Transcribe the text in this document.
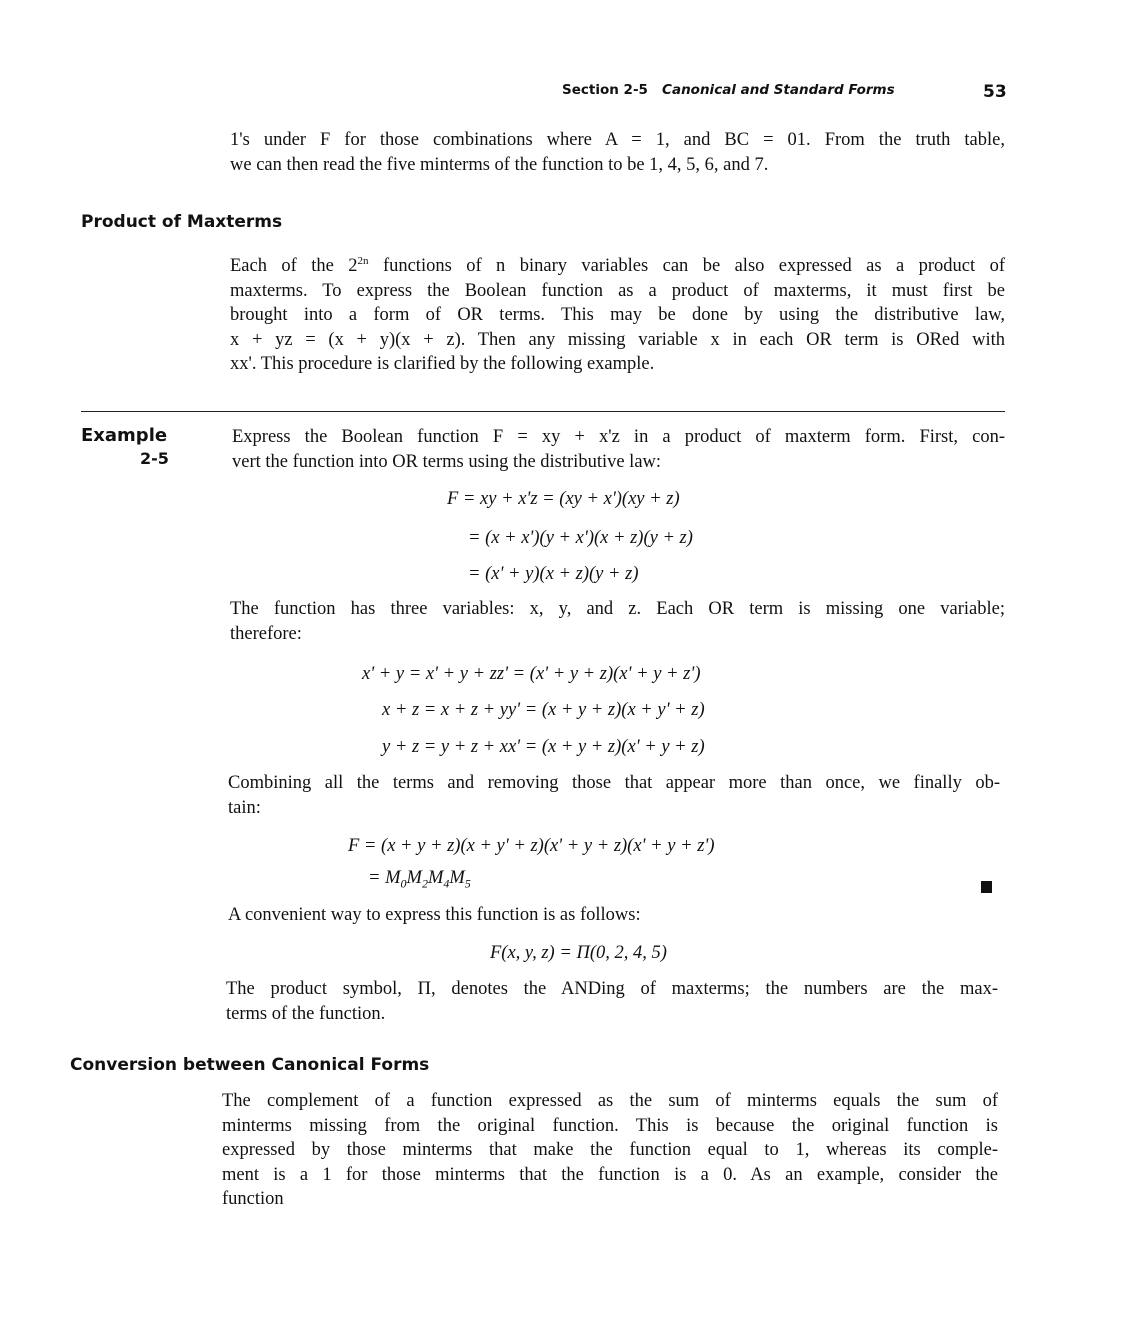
Section 2-5 Canonical and Standard Forms	53
1's under F for those combinations where A = 1, and BC = 01. From the truth table,
we can then read the five minterms of the function to be 1, 4, 5, 6, and 7.
Product of Maxterms
Each of the $2^{2n}$ functions of n binary variables can be also expressed as a product of
maxterms. To express the Boolean function as a product of maxterms, it must first be
brought into a form of OR terms. This may be done by using the distributive law,
x + yz = (x + y)(x + z). Then any missing variable x in each OR term is ORed with
xx'. This procedure is clarified by the following example.
Example
2-5
Express the Boolean function F = xy + x'z in a product of maxterm form. First, con-
vert the function into OR terms using the distributive law:
F = xy + x'z = (xy + x')(xy + z)
= (x + x')(y + x')(x + z)(y + z)
= (x' + y)(x + z)(y + z)
The function has three variables: x, y, and z. Each OR term is missing one variable;
therefore:
x' + y = x' + y + zz' = (x' + y + z)(x' + y + z')
x + z = x + z + yy' = (x + y + z)(x + y' + z)
y + z = y + z + xx' = (x + y + z)(x' + y + z)
Combining all the terms and removing those that appear more than once, we finally ob-
tain:
F = (x + y + z)(x + y' + z)(x' + y + z)(x' + y + z')
= $M_0M_2M_4M_5$
A convenient way to express this function is as follows:
F(x, y, z) = Π(0, 2, 4, 5)
The product symbol, Π, denotes the ANDing of maxterms; the numbers are the max-
terms of the function.
Conversion between Canonical Forms
The complement of a function expressed as the sum of minterms equals the sum of
minterms missing from the original function. This is because the original function is
expressed by those minterms that make the function equal to 1, whereas its comple-
ment is a 1 for those minterms that the function is a 0. As an example, consider the
function
